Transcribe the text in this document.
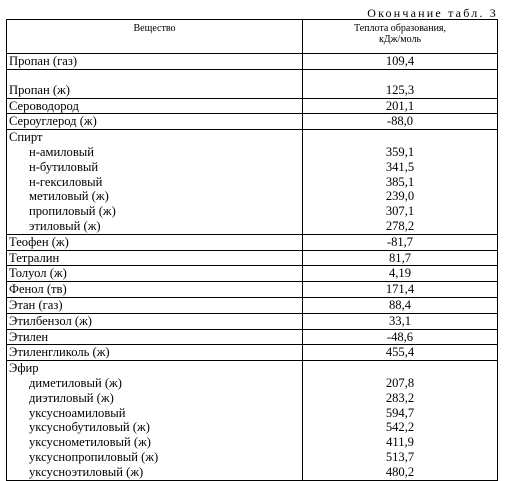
Окончание табл. 3
Вещество	Теплота образования,
кДж/моль

Пропан (газ)	109,4

Пропан (ж)	125,3
Сероводород	201,1
Сероуглерод (ж)	-88,0
Спирт	
н-амиловый	359,1
н-бутиловый	341,5
н-гексиловый	385,1
метиловый (ж)	239,0
пропиловый (ж)	307,1
этиловый (ж)	278,2
Теофен (ж)	-81,7
Тетралин	81,7
Толуол (ж)	4,19
Фенол (тв)	171,4
Этан (газ)	88,4
Этилбензол (ж)	33,1
Этилен	-48,6
Этиленгликоль (ж)	455,4
Эфир	
диметиловый (ж)	207,8
диэтиловый (ж)	283,2
уксусноамиловый	594,7
уксуснобутиловый (ж)	542,2
уксуснометиловый (ж)	411,9
уксуснопропиловый (ж)	513,7
уксусноэтиловый (ж)	480,2
